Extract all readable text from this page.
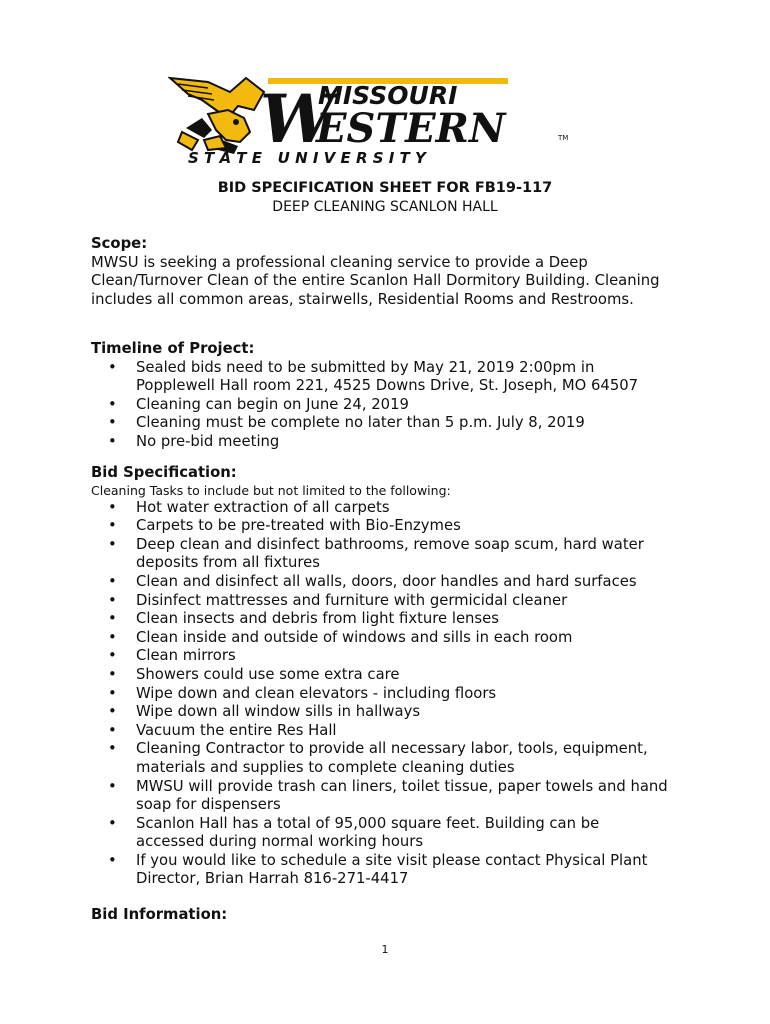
MISSOURI
W
ESTERN	TM
S T A T E   U N I V E R S I T Y
BID SPECIFICATION SHEET FOR FB19-117
DEEP CLEANING SCANLON HALL
Scope:

MWSU is seeking a professional cleaning service to provide a Deep

Clean/Turnover Clean of the entire Scanlon Hall Dormitory Building. Cleaning

includes all common areas, stairwells, Residential Rooms and Restrooms.

Timeline of Project:
• Sealed bids need to be submitted by May 21, 2019 2:00pm in
Popplewell Hall room 221, 4525 Downs Drive, St. Joseph, MO 64507
• Cleaning can begin on June 24, 2019
• Cleaning must be complete no later than 5 p.m. July 8, 2019
• No pre-bid meeting
Bid Specification:
Cleaning Tasks to include but not limited to the following:
• Hot water extraction of all carpets
• Carpets to be pre-treated with Bio-Enzymes
• Deep clean and disinfect bathrooms, remove soap scum, hard water
deposits from all fixtures
• Clean and disinfect all walls, doors, door handles and hard surfaces
• Disinfect mattresses and furniture with germicidal cleaner
• Clean insects and debris from light fixture lenses
• Clean inside and outside of windows and sills in each room
• Clean mirrors
• Showers could use some extra care
• Wipe down and clean elevators - including floors
• Wipe down all window sills in hallways
• Vacuum the entire Res Hall
• Cleaning Contractor to provide all necessary labor, tools, equipment,
materials and supplies to complete cleaning duties
• MWSU will provide trash can liners, toilet tissue, paper towels and hand
soap for dispensers
• Scanlon Hall has a total of 95,000 square feet. Building can be
accessed during normal working hours
• If you would like to schedule a site visit please contact Physical Plant
Director, Brian Harrah 816-271-4417
Bid Information:
1
